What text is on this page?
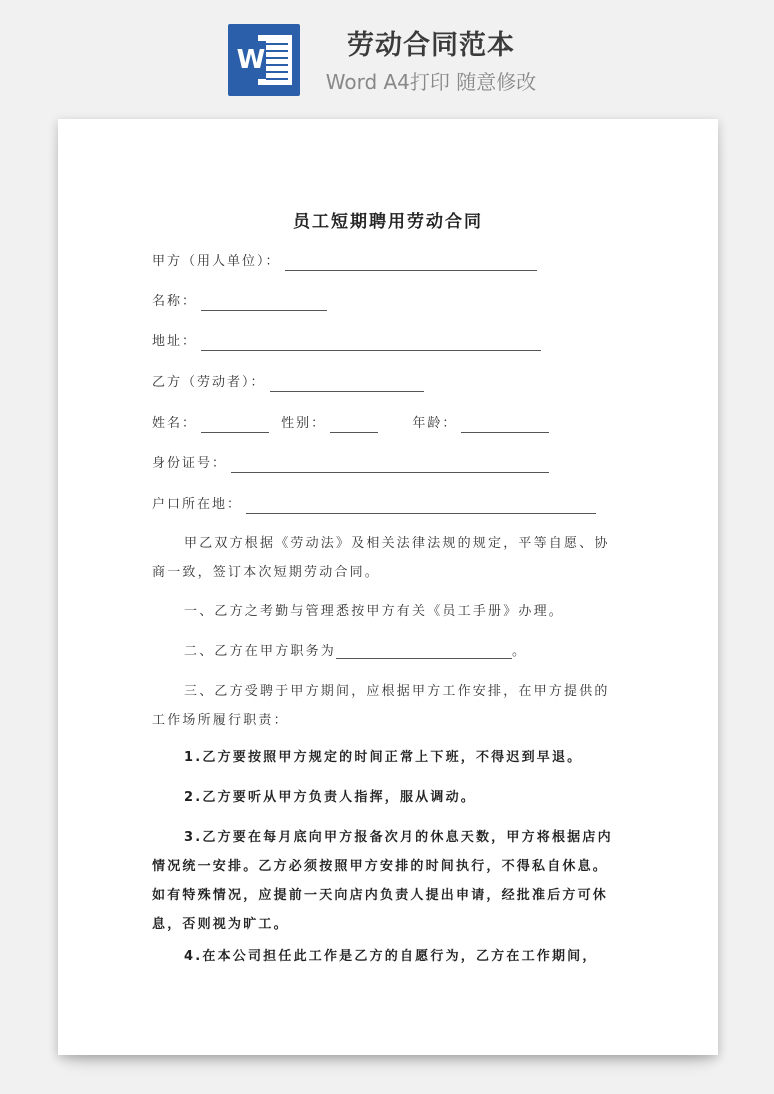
W	劳动合同范本
Word A4打印 随意修改
员工短期聘用劳动合同
甲方（用人单位）：
名称：
地址：
乙方（劳动者）：
姓名：	性别：	年龄：
身份证号：
户口所在地：
甲乙双方根据《劳动法》及相关法律法规的规定，平等自愿、协商一致，签订本次短期劳动合同。
一、乙方之考勤与管理悉按甲方有关《员工手册》办理。
二、乙方在甲方职务为	。
三、乙方受聘于甲方期间，应根据甲方工作安排，在甲方提供的工作场所履行职责：
1.乙方要按照甲方规定的时间正常上下班，不得迟到早退。
2.乙方要听从甲方负责人指挥，服从调动。
3.乙方要在每月底向甲方报备次月的休息天数，甲方将根据店内情况统一安排。乙方必须按照甲方安排的时间执行，不得私自休息。如有特殊情况，应提前一天向店内负责人提出申请，经批准后方可休息，否则视为旷工。
4.在本公司担任此工作是乙方的自愿行为，乙方在工作期间，
